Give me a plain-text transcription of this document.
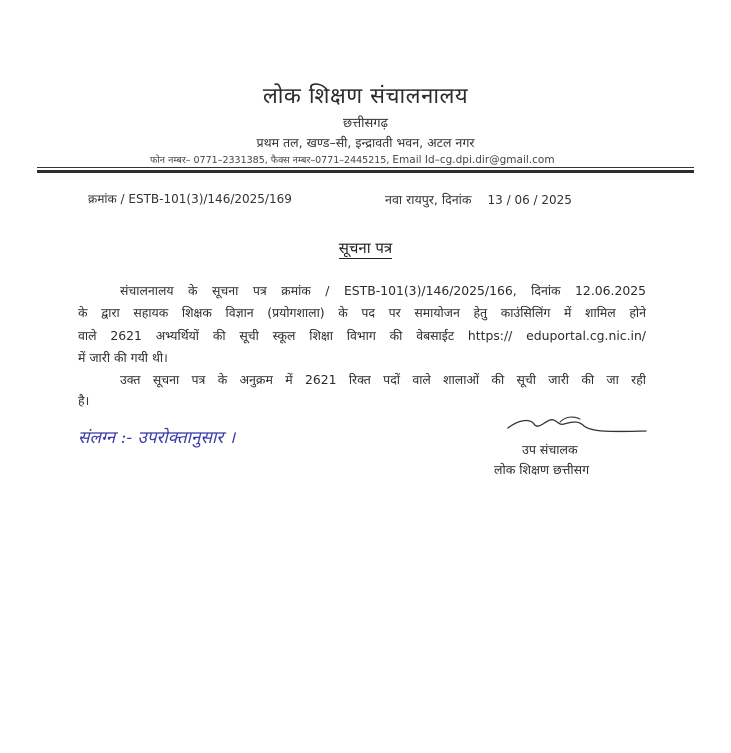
लोक शिक्षण संचालनालय
छत्तीसगढ़
प्रथम तल, खण्ड–सी, इन्द्रावती भवन, अटल नगर
फोन नम्बर– 0771–2331385, फैक्स नम्बर–0771–2445215, Email Id–cg.dpi.dir@gmail.com
क्रमांक / ESTB-101(3)/146/2025/169	नवा रायपुर, दिनांक 13 / 06 / 2025
सूचना पत्र
संचालनालय के सूचना पत्र क्रमांक / ESTB-101(3)/146/2025/166, दिनांक 12.06.2025
के द्वारा सहायक शिक्षक विज्ञान (प्रयोगशाला) के पद पर समायोजन हेतु काउंसिलिंग में शामिल होने
वाले 2621 अभ्यर्थियों की सूची स्कूल शिक्षा विभाग की वेबसाईट https:// eduportal.cg.nic.in/
में जारी की गयी थी।
उक्त सूचना पत्र के अनुक्रम में 2621 रिक्त पदों वाले शालाओं की सूची जारी की जा रही
है।
संलग्न :- उपरोक्तानुसार ।
उप संचालक
लोक शिक्षण छत्तीसग
